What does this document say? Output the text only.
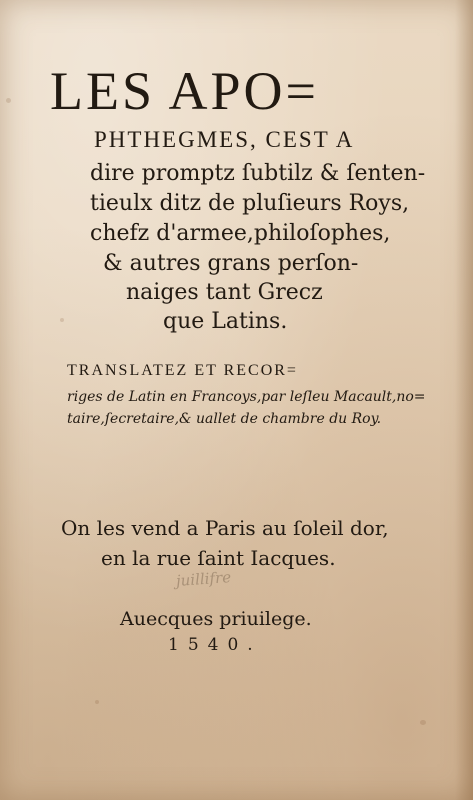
LES APO=
PHTHEGMES, CEST A
dire promptz ſubtilz & ſenten-
tieulx ditz de pluſieurs Roys,
chefz d'armee,philoſophes,
& autres grans perſon-
naiges tant Grecz
que Latins.
TRANSLATEZ ET RECOR=
riges de Latin en Francoys,par leſleu Macault,no=
taire,ſecretaire,& uallet de chambre du Roy.
On les vend a Paris au ſoleil dor,
en la rue ſaint Iacques.
juillifre
Auecques priuilege.
1540.
